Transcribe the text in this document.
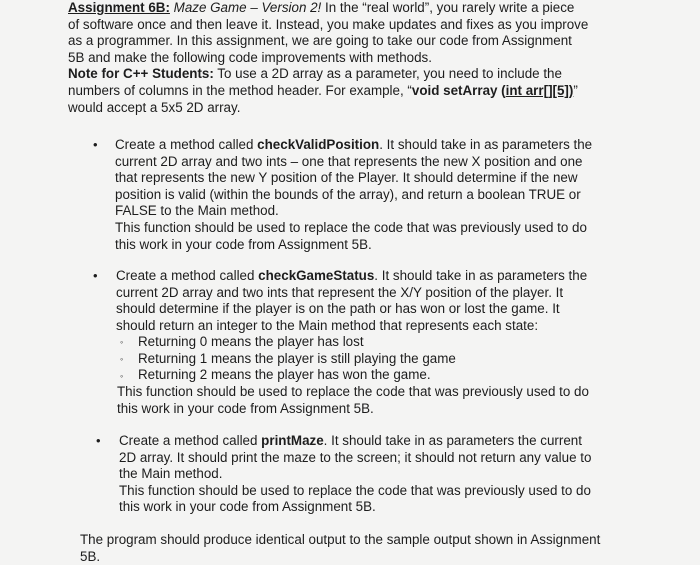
Assignment 6B: Maze Game – Version 2! In the “real world”, you rarely write a piece
of software once and then leave it. Instead, you make updates and fixes as you improve
as a programmer. In this assignment, we are going to take our code from Assignment
5B and make the following code improvements with methods.
Note for C++ Students: To use a 2D array as a parameter, you need to include the
numbers of columns in the method header. For example, “void setArray (int arr[][5])”
would accept a 5x5 2D array.
• Create a method called checkValidPosition. It should take in as parameters the
current 2D array and two ints – one that represents the new X position and one
that represents the new Y position of the Player. It should determine if the new
position is valid (within the bounds of the array), and return a boolean TRUE or
FALSE to the Main method.
This function should be used to replace the code that was previously used to do
this work in your code from Assignment 5B.
• Create a method called checkGameStatus. It should take in as parameters the
current 2D array and two ints that represent the X/Y position of the player. It
should determine if the player is on the path or has won or lost the game. It
should return an integer to the Main method that represents each state:
◦
◦
◦
Returning 0 means the player has lost
Returning 1 means the player is still playing the game
Returning 2 means the player has won the game.
This function should be used to replace the code that was previously used to do
this work in your code from Assignment 5B.
• Create a method called printMaze. It should take in as parameters the current
2D array. It should print the maze to the screen; it should not return any value to
the Main method.
This function should be used to replace the code that was previously used to do
this work in your code from Assignment 5B.
The program should produce identical output to the sample output shown in Assignment
5B.
